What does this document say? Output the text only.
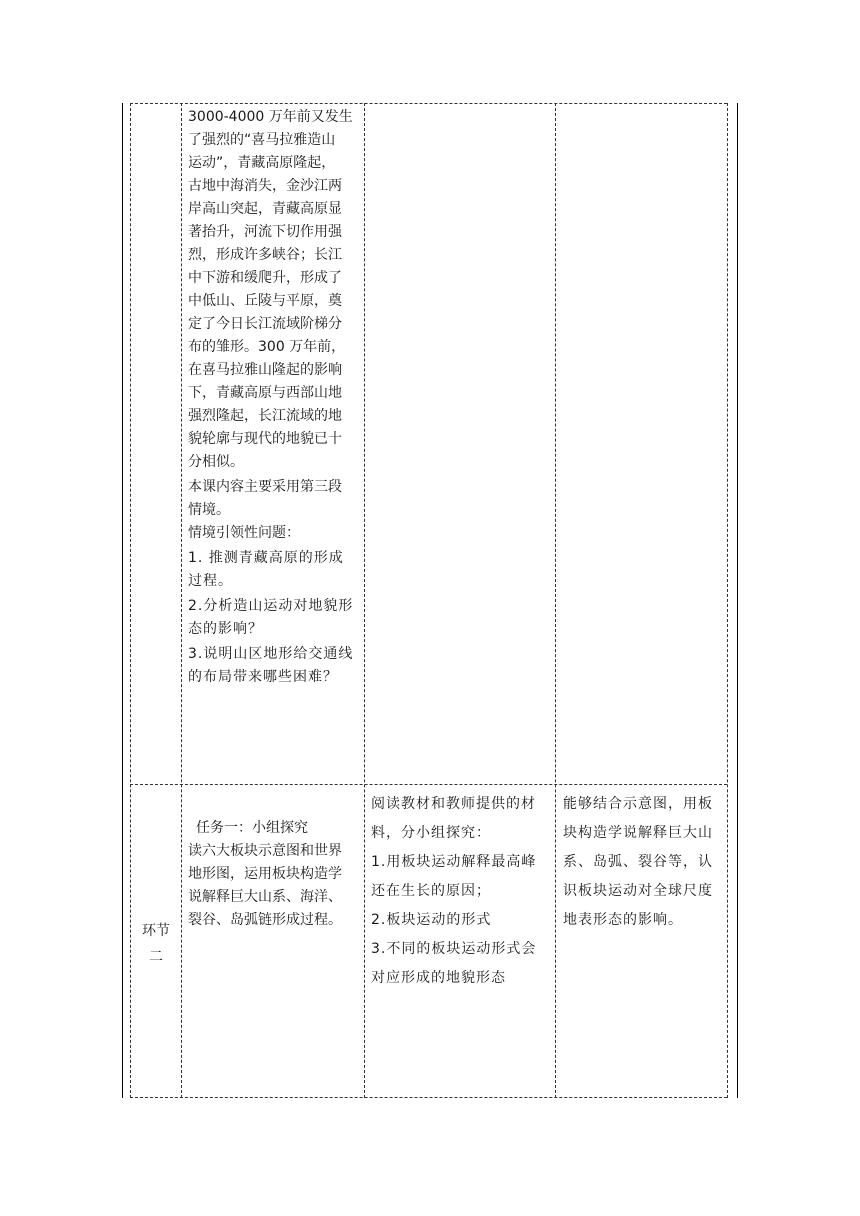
3000-4000 万年前又发生

了强烈的“喜马拉雅造山

运动”，青藏高原隆起，

古地中海消失，金沙江两

岸高山突起，青藏高原显

著抬升，河流下切作用强

烈，形成许多峡谷；长江

中下游和缓爬升，形成了

中低山、丘陵与平原，奠

定了今日长江流域阶梯分

布的雏形。300 万年前，

在喜马拉雅山隆起的影响

下，青藏高原与西部山地

强烈隆起，长江流域的地

貌轮廓与现代的地貌已十

分相似。

本课内容主要采用第三段

情境。

情境引领性问题：

1. 推测青藏高原的形成

过程。

2.分析造山运动对地貌形

态的影响？

3.说明山区地形给交通线

的布局带来哪些困难？

环节

二

任务一：小组探究

读六大板块示意图和世界

地形图，运用板块构造学

说解释巨大山系、海洋、

裂谷、岛弧链形成过程。

阅读教材和教师提供的材

料，分小组探究：

1.用板块运动解释最高峰

还在生长的原因；

2.板块运动的形式

3.不同的板块运动形式会

对应形成的地貌形态

能够结合示意图，用板

块构造学说解释巨大山

系、岛弧、裂谷等，认

识板块运动对全球尺度

地表形态的影响。
